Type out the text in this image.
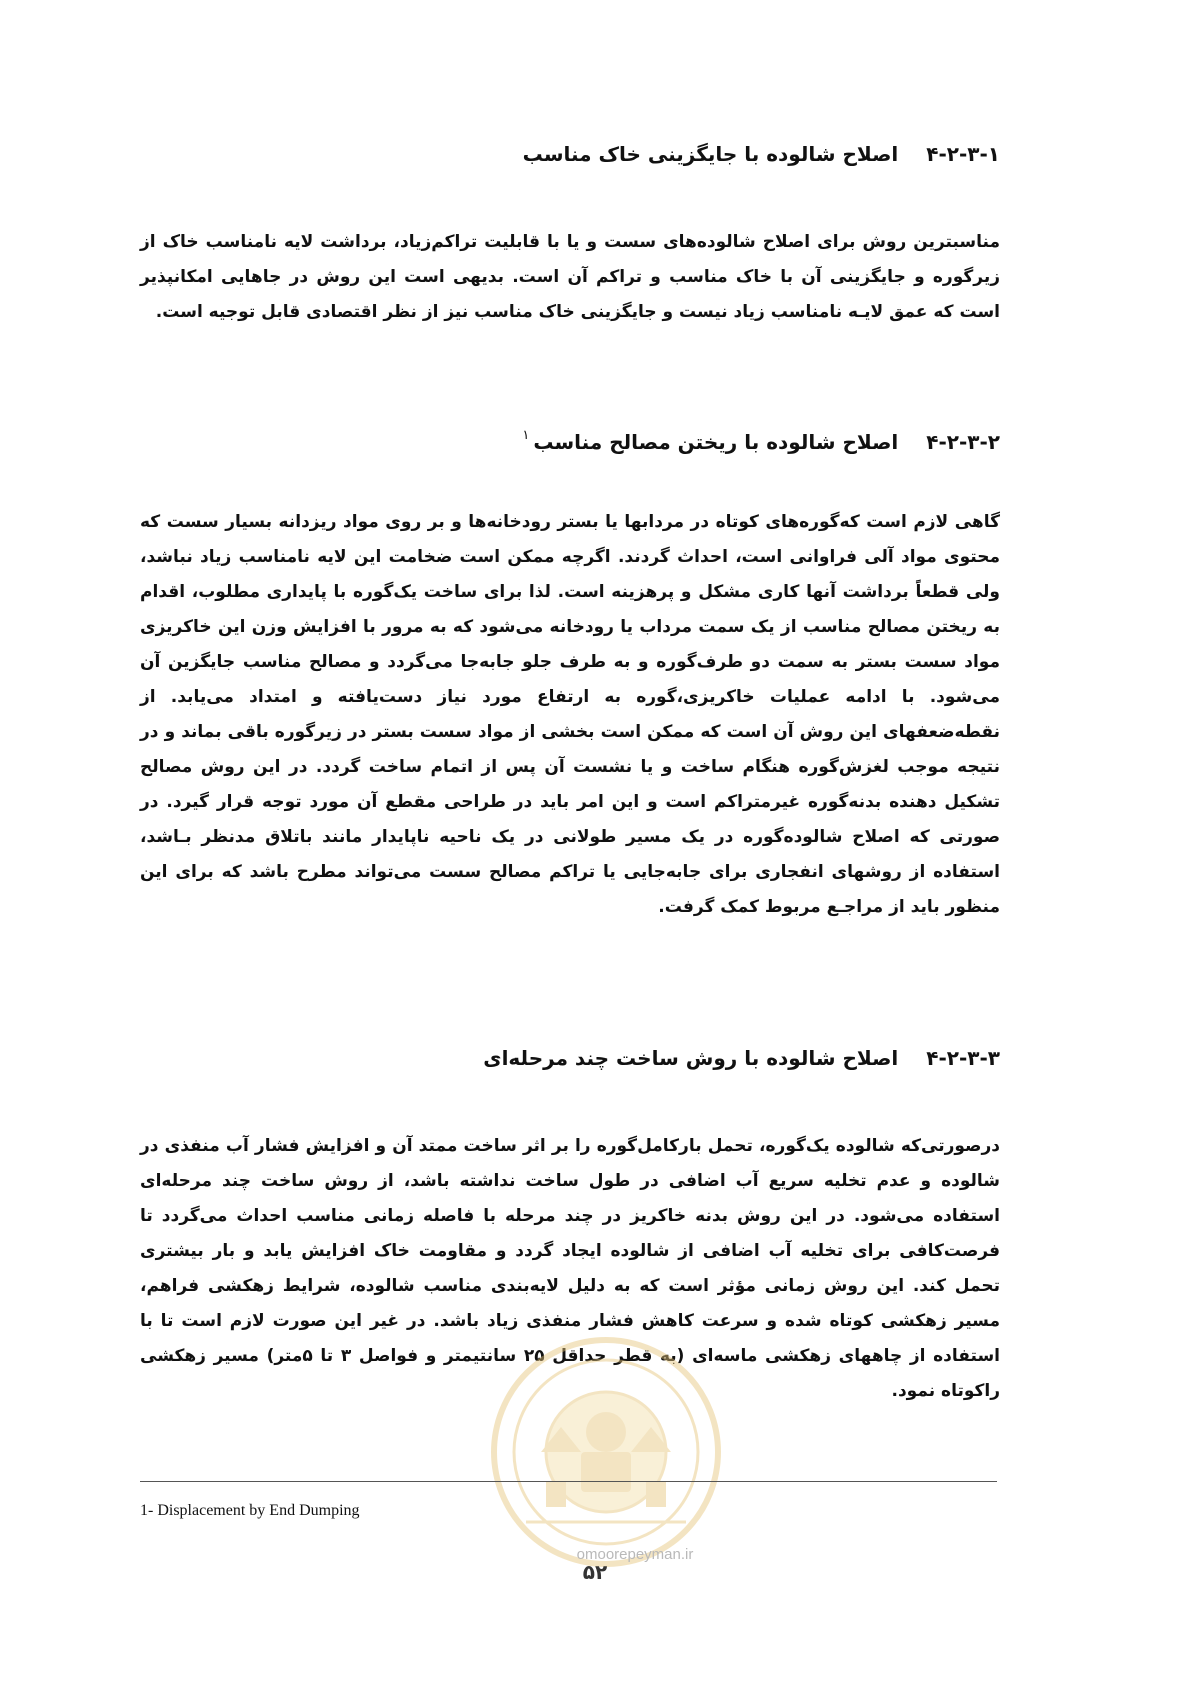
۴-۲-۳-۱اصلاح شالوده با جایگزینی خاک مناسب

مناسبترین روش برای اصلاح شالوده‌های سست و یا با قابلیت تراکم‌زیاد، برداشت لایه نامناسب خاک از زیرگوره و جایگزینی آن با خاک مناسب و تراکم آن است. بدیهی است این روش در جاهایی امکانپذیر است که عمق لایـه نامناسب زیاد نیست و جایگزینی خاک مناسب نیز از نظر اقتصادی قابل توجیه است.

۴-۲-۳-۲اصلاح شالوده با ریختن مصالح مناسب$^۱$

گاهی لازم است که‌گوره‌های کوتاه در مردابها یا بستر رودخانه‌ها و بر روی مواد ریزدانه بسیار سست که محتوی مواد آلی فراوانی است، احداث گردند. اگرچه ممکن است ضخامت این لایه نامناسب زیاد نباشد، ولی قطعاً برداشت آنها کاری مشکل و پرهزینه است. لذا برای ساخت یک‌گوره با پایداری مطلوب، اقدام به ریختن مصالح مناسب از یک سمت مرداب یا رودخانه می‌شود که به مرور با افزایش وزن این خاکریزی مواد سست بستر به سمت دو طرف‌گوره و به طرف جلو جابه‌جا می‌گردد و مصالح مناسب جایگزین آن می‌شود. با ادامه عملیات خاکریزی،گوره به ارتفاع مورد نیاز دست‌یافته و امتداد می‌یابد. از نقطه‌ضعفهای این روش آن است که ممکن است بخشی از مواد سست بستر در زیرگوره باقی بماند و در نتیجه موجب لغزش‌گوره هنگام ساخت و یا نشست آن پس از اتمام ساخت گردد. در این روش مصالح تشکیل دهنده بدنه‌گوره غیرمتراکم است و این امر باید در طراحی مقطع آن مورد توجه قرار گیرد. در صورتی که اصلاح شالوده‌گوره در یک مسیر طولانی در یک ناحیه ناپایدار مانند باتلاق مدنظر بـاشد، استفاده از روشهای انفجاری برای جابه‌جایی یا تراکم مصالح سست می‌تواند مطرح باشد که برای این منظور باید از مراجـع مربوط کمک گرفت.

۴-۲-۳-۳اصلاح شالوده با روش ساخت چند مرحله‌ای

درصورتی‌که شالوده یک‌گوره، تحمل بارکامل‌گوره را بر اثر ساخت ممتد آن و افزایش فشار آب منفذی در شالوده و عدم تخلیه سریع آب اضافی در طول ساخت نداشته باشد، از روش ساخت چند مرحله‌ای استفاده می‌شود. در این روش بدنه خاکریز در چند مرحله با فاصله زمانی مناسب احداث می‌گردد تا فرصت‌کافی برای تخلیه آب اضافی از شالوده ایجاد گردد و مقاومت خاک افزایش یابد و بار بیشتری تحمل کند. این روش زمانی مؤثر است که به دلیل لایه‌بندی مناسب شالوده، شرایط زهکشی فراهم، مسیر زهکشی کوتاه شده و سرعت کاهش فشار منفذی زیاد باشد. در غیر این صورت لازم است تا با استفاده از چاههای زهکشی ماسه‌ای (به قطر حداقل ۲۵ سانتیمتر و فواصل ۳ تا ۵متر) مسیر زهکشی راکوتاه نمود.

1- Displacement by End Dumping
omoorepeyman.ir
۵۲
